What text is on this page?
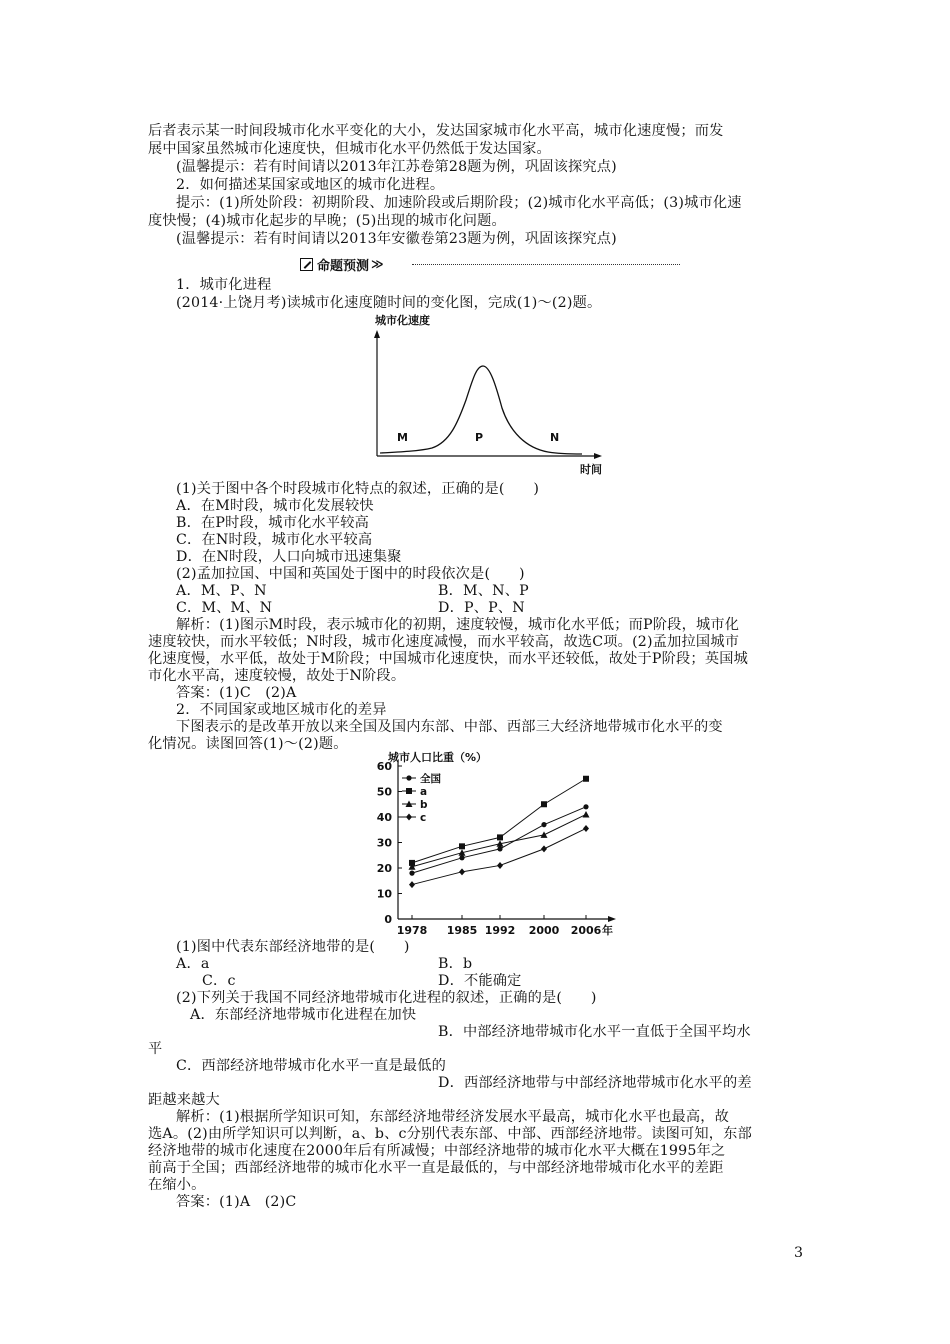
后者表示某一时间段城市化水平变化的大小，发达国家城市化水平高，城市化速度慢；而发
展中国家虽然城市化速度快，但城市化水平仍然低于发达国家。
(温馨提示：若有时间请以2013年江苏卷第28题为例，巩固该探究点)
2．如何描述某国家或地区的城市化进程。
提示：(1)所处阶段：初期阶段、加速阶段或后期阶段；(2)城市化水平高低；(3)城市化速
度快慢；(4)城市化起步的早晚；(5)出现的城市化问题。
(温馨提示：若有时间请以2013年安徽卷第23题为例，巩固该探究点)
命题预测 ≫
1．城市化进程
(2014·上饶月考)读城市化速度随时间的变化图，完成(1)～(2)题。
城市化速度
M	P	N
时间
(1)关于图中各个时段城市化特点的叙述，正确的是(　　)
A．在M时段，城市化发展较快
B．在P时段，城市化水平较高
C．在N时段，城市化水平较高
D．在N时段，人口向城市迅速集聚
(2)孟加拉国、中国和英国处于图中的时段依次是(　　)
A．M、P、N	B．M、N、P
C．M、M、N	D．P、P、N
解析：(1)图示M时段，表示城市化的初期，速度较慢，城市化水平低；而P阶段，城市化
速度较快，而水平较低；N时段，城市化速度减慢，而水平较高，故选C项。(2)孟加拉国城市
化速度慢，水平低，故处于M阶段；中国城市化速度快，而水平还较低，故处于P阶段；英国城
市化水平高，速度较慢，故处于N阶段。
答案：(1)C　(2)A
2．不同国家或地区城市化的差异
下图表示的是改革开放以来全国及国内东部、中部、西部三大经济地带城市化水平的变
化情况。读图回答(1)～(2)题。
城市人口比重（%）
0
10
20
30
40
50
60
1978 1985 1992 2000 2006 年
全国
a
b
c
(1)图中代表东部经济地带的是(　　)
A．a	B．b
C．c	D．不能确定
(2)下列关于我国不同经济地带城市化进程的叙述，正确的是(　　)
A．东部经济地带城市化进程在加快
B．中部经济地带城市化水平一直低于全国平均水
平
C．西部经济地带城市化水平一直是最低的
D．西部经济地带与中部经济地带城市化水平的差
距越来越大
解析：(1)根据所学知识可知，东部经济地带经济发展水平最高，城市化水平也最高，故
选A。(2)由所学知识可以判断，a、b、c分别代表东部、中部、西部经济地带。读图可知，东部
经济地带的城市化速度在2000年后有所减慢；中部经济地带的城市化水平大概在1995年之
前高于全国；西部经济地带的城市化水平一直是最低的，与中部经济地带城市化水平的差距
在缩小。
答案：(1)A　(2)C
3
